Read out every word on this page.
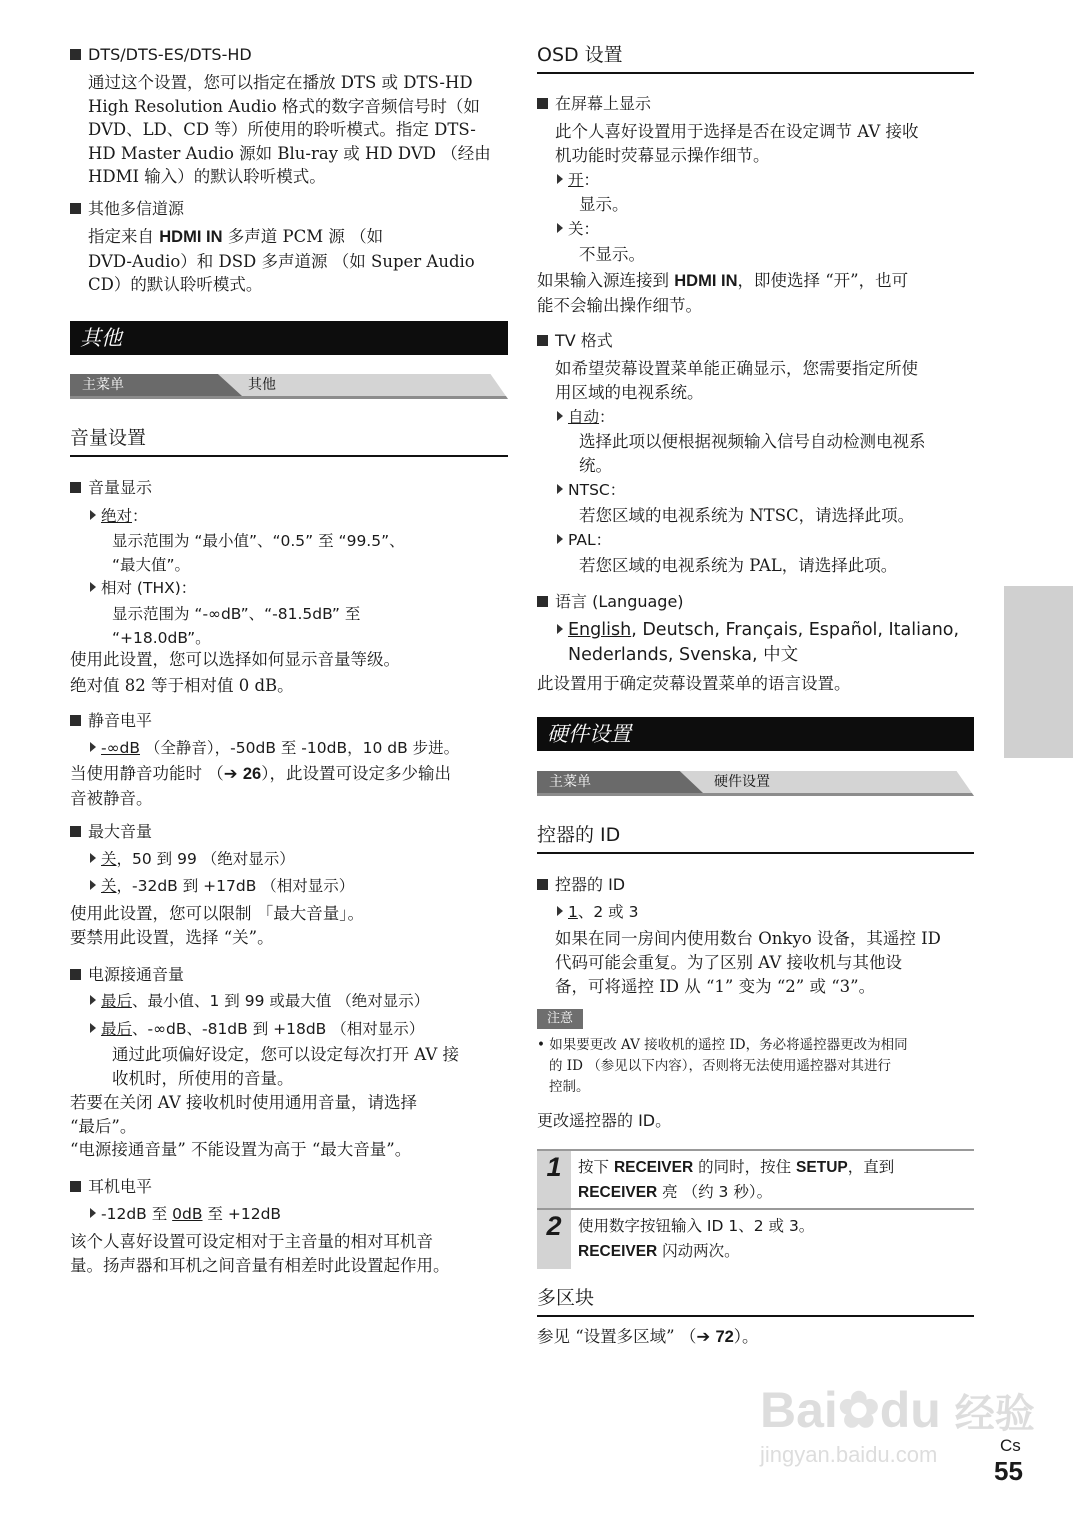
DTS/DTS-ES/DTS-HD
通过这个设置，您可以指定在播放 DTS 或 DTS-HD
High Resolution Audio 格式的数字音频信号时（如
DVD、LD、CD 等）所使用的聆听模式。指定 DTS-
HD Master Audio 源如 Blu-ray 或 HD DVD （经由
HDMI 输入）的默认聆听模式。
其他多信道源
指定来自 HDMI IN 多声道 PCM 源 （如
DVD-Audio）和 DSD 多声道源 （如 Super Audio
CD）的默认聆听模式。
其他
主菜单	其他
音量设置
音量显示
绝对：
显示范围为 “最小值”、“0.5” 至 “99.5”、
“最大值”。
相对 (THX)：
显示范围为 “-∞dB”、“-81.5dB” 至
“+18.0dB”。
使用此设置，您可以选择如何显示音量等级。
绝对值 82 等于相对值 0 dB。
静音电平
-∞dB （全静音），-50dB 至 -10dB，10 dB 步进。
当使用静音功能时 （➔ 26），此设置可设定多少输出
音被静音。
最大音量
关，50 到 99 （绝对显示）
关，-32dB 到 +17dB （相对显示）
使用此设置，您可以限制 「最大音量」。
要禁用此设置，选择 “关”。
电源接通音量
最后、最小值、1 到 99 或最大值 （绝对显示）
最后、-∞dB、-81dB 到 +18dB （相对显示）
通过此项偏好设定，您可以设定每次打开 AV 接
收机时，所使用的音量。
若要在关闭 AV 接收机时使用通用音量，请选择
“最后”。
“电源接通音量” 不能设置为高于 “最大音量”。
耳机电平
-12dB 至 0dB 至 +12dB
该个人喜好设置可设定相对于主音量的相对耳机音
量。扬声器和耳机之间音量有相差时此设置起作用。
OSD 设置
在屏幕上显示
此个人喜好设置用于选择是否在设定调节 AV 接收
机功能时荧幕显示操作细节。
开：
显示。
关：
不显示。
如果输入源连接到 HDMI IN，即使选择 “开”，也可
能不会输出操作细节。
TV 格式
如希望荧幕设置菜单能正确显示，您需要指定所使
用区域的电视系统。
自动：
选择此项以便根据视频输入信号自动检测电视系
统。
NTSC：
若您区域的电视系统为 NTSC，请选择此项。
PAL：
若您区域的电视系统为 PAL，请选择此项。
语言 (Language)
English, Deutsch, Français, Español, Italiano,
Nederlands, Svenska, 中文
此设置用于确定荧幕设置菜单的语言设置。
硬件设置
主菜单	硬件设置
控器的 ID
控器的 ID
1、2 或 3
如果在同一房间内使用数台 Onkyo 设备，其遥控 ID
代码可能会重复。为了区别 AV 接收机与其他设
备，可将遥控 ID 从 “1” 变为 “2” 或 “3”。
注意
• 如果要更改 AV 接收机的遥控 ID，务必将遥控器更改为相同
的 ID （参见以下内容），否则将无法使用遥控器对其进行
控制。
更改遥控器的 ID。
1	按下 RECEIVER 的同时，按住 SETUP，直到
RECEIVER 亮 （约 3 秒）。
2	使用数字按钮输入 ID 1、2 或 3。
RECEIVER 闪动两次。
多区块
参见 “设置多区域” （➔ 72）。
Bai✿du 经验
jingyan.baidu.com	Cs
55
